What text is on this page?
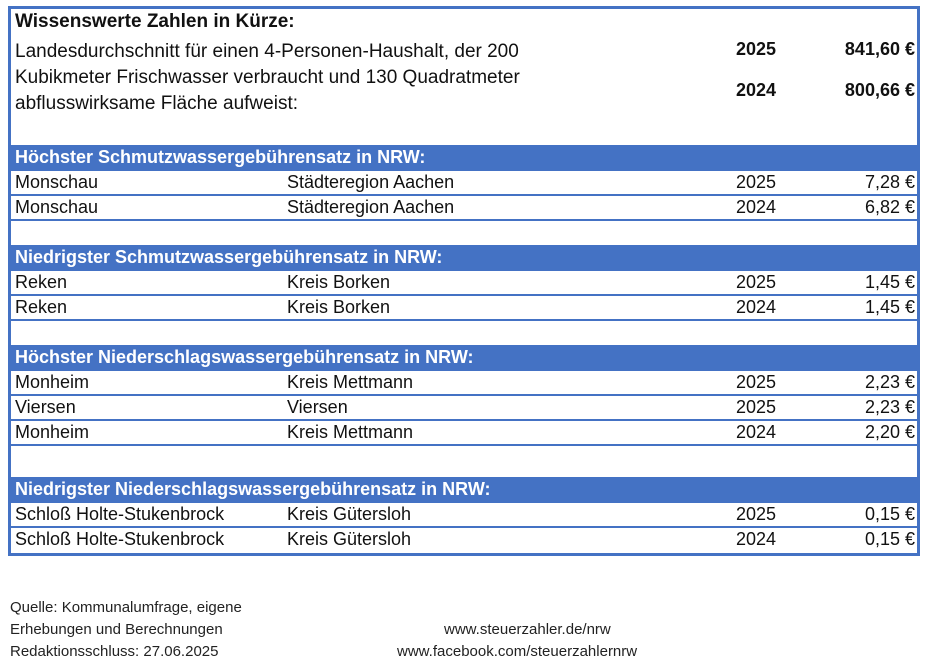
Wissenswerte Zahlen in Kürze:
Landesdurchschnitt für einen 4-Personen-Haushalt, der 200 Kubikmeter Frischwasser verbraucht und 130 Quadratmeter abflusswirksame Fläche aufweist:
2025	841,60 €
2024	800,66 €
Höchster Schmutzwassergebührensatz in NRW:
Monschau	Städteregion Aachen	2025	7,28 €
Monschau	Städteregion Aachen	2024	6,82 €
Niedrigster Schmutzwassergebührensatz in NRW:
Reken	Kreis Borken	2025	1,45 €
Reken	Kreis Borken	2024	1,45 €
Höchster Niederschlagswassergebührensatz in NRW:
Monheim	Kreis Mettmann	2025	2,23 €
Viersen	Viersen	2025	2,23 €
Monheim	Kreis Mettmann	2024	2,20 €
Niedrigster Niederschlagswassergebührensatz in NRW:
Schloß Holte-Stukenbrock	Kreis Gütersloh	2025	0,15 €
Schloß Holte-Stukenbrock	Kreis Gütersloh	2024	0,15 €
Quelle: Kommunalumfrage, eigene
Erhebungen und Berechnungen
Redaktionsschluss: 27.06.2025
www.steuerzahler.de/nrw
www.facebook.com/steuerzahlernrw
